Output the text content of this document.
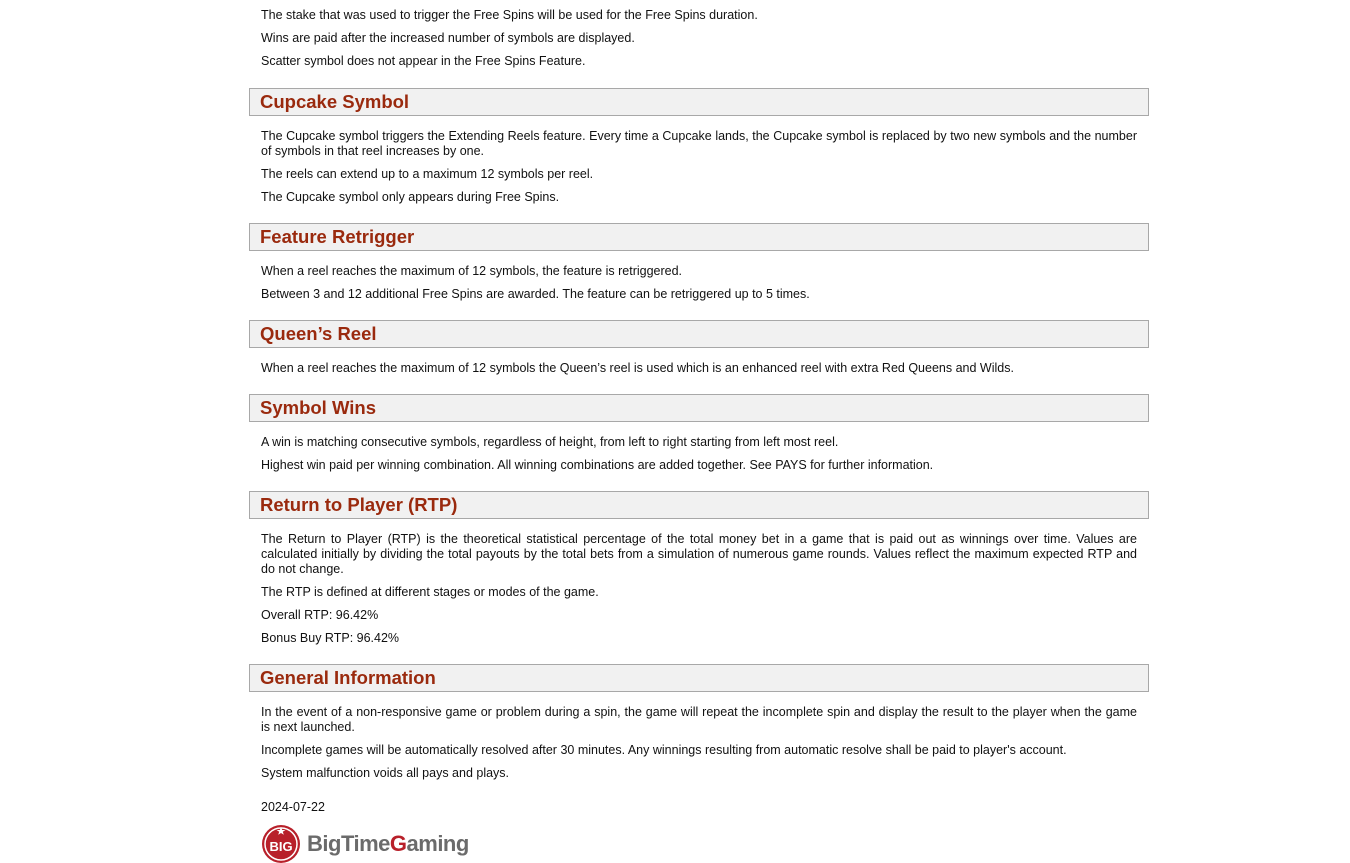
The stake that was used to trigger the Free Spins will be used for the Free Spins duration.

Wins are paid after the increased number of symbols are displayed.

Scatter symbol does not appear in the Free Spins Feature.

Cupcake Symbol

The Cupcake symbol triggers the Extending Reels feature. Every time a Cupcake lands, the Cupcake symbol is replaced by two new symbols and the number of symbols in that reel increases by one.

The reels can extend up to a maximum 12 symbols per reel.

The Cupcake symbol only appears during Free Spins.

Feature Retrigger

When a reel reaches the maximum of 12 symbols, the feature is retriggered.

Between 3 and 12 additional Free Spins are awarded. The feature can be retriggered up to 5 times.

Queen’s Reel

When a reel reaches the maximum of 12 symbols the Queen’s reel is used which is an enhanced reel with extra Red Queens and Wilds.

Symbol Wins

A win is matching consecutive symbols, regardless of height, from left to right starting from left most reel.

Highest win paid per winning combination. All winning combinations are added together. See PAYS for further information.

Return to Player (RTP)

The Return to Player (RTP) is the theoretical statistical percentage of the total money bet in a game that is paid out as winnings over time. Values are calculated initially by dividing the total payouts by the total bets from a simulation of numerous game rounds. Values reflect the maximum expected RTP and do not change.

The RTP is defined at different stages or modes of the game.

Overall RTP: 96.42%

Bonus Buy RTP: 96.42%

General Information

In the event of a non-responsive game or problem during a spin, the game will repeat the incomplete spin and display the result to the player when the game is next launched.

Incomplete games will be automatically resolved after 30 minutes. Any winnings resulting from automatic resolve shall be paid to player's account.

System malfunction voids all pays and plays.

2024-07-22
BIG BigTimeGaming
